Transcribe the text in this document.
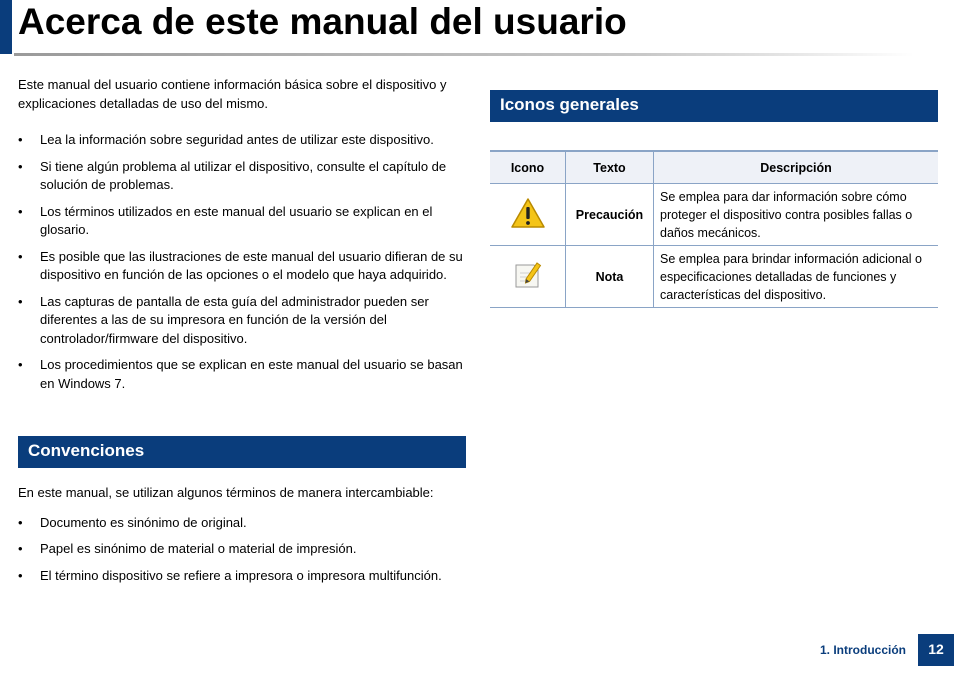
Acerca de este manual del usuario

Este manual del usuario contiene información básica sobre el dispositivo y explicaciones detalladas de uso del mismo.

• Lea la información sobre seguridad antes de utilizar este dispositivo.
• Si tiene algún problema al utilizar el dispositivo, consulte el capítulo de solución de problemas.
• Los términos utilizados en este manual del usuario se explican en el glosario.
• Es posible que las ilustraciones de este manual del usuario difieran de su dispositivo en función de las opciones o el modelo que haya adquirido.
• Las capturas de pantalla de esta guía del administrador pueden ser diferentes a las de su impresora en función de la versión del controlador/firmware del dispositivo.
• Los procedimientos que se explican en este manual del usuario se basan en Windows 7.
Convenciones

En este manual, se utilizan algunos términos de manera intercambiable:

• Documento es sinónimo de original.
• Papel es sinónimo de material o material de impresión.
• El término dispositivo se refiere a impresora o impresora multifunción.
Iconos generales
Icono	Texto	Descripción
	Precaución	Se emplea para dar información sobre cómo proteger el dispositivo contra posibles fallas o daños mecánicos.
	Nota	Se emplea para brindar información adicional o especificaciones detalladas de funciones y características del dispositivo.
1. Introducción	12
